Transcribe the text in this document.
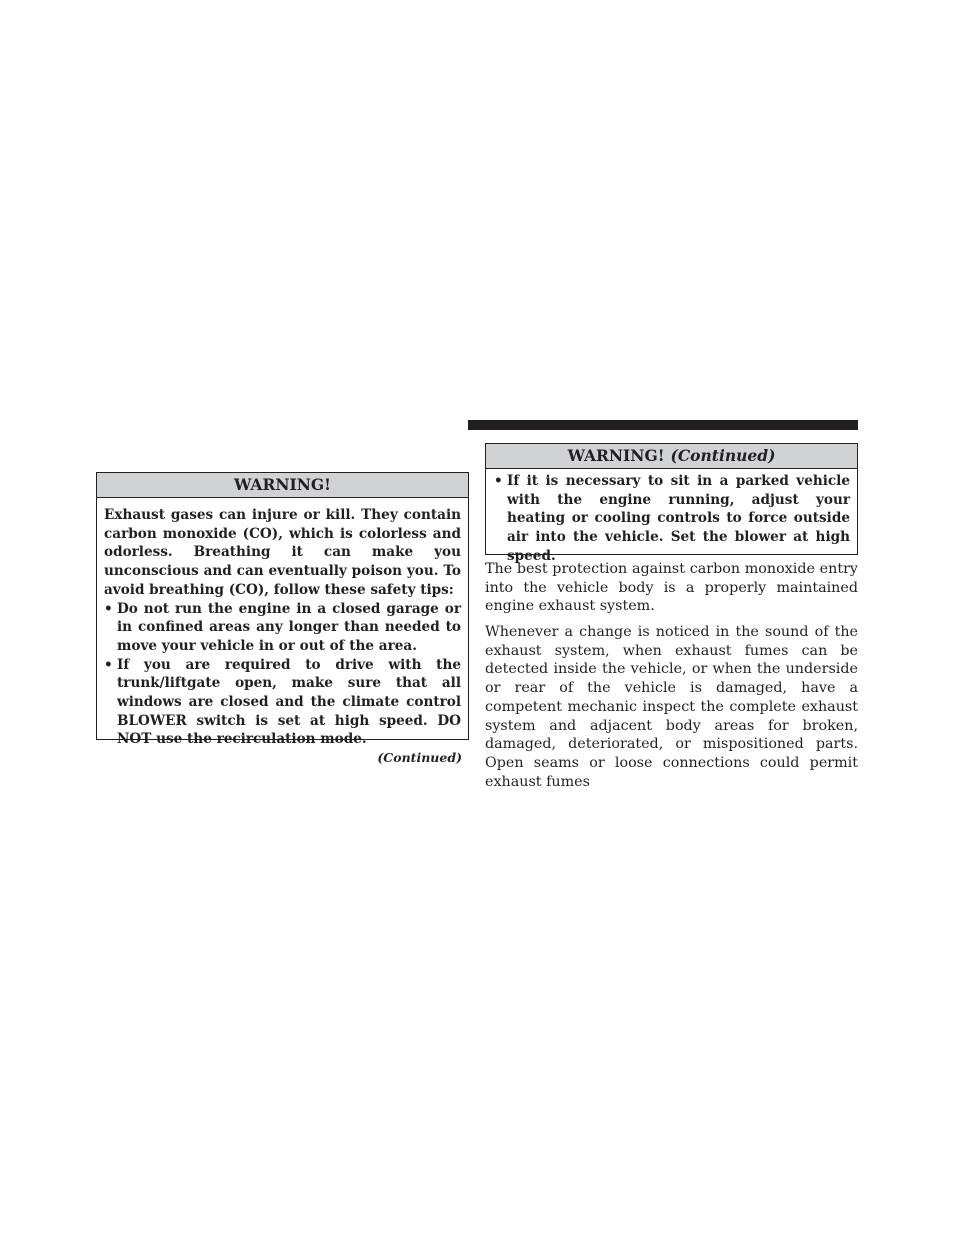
WARNING!

Exhaust gases can injure or kill. They contain carbon monoxide (CO), which is colorless and odorless. Breathing it can make you unconscious and can eventually poison you. To avoid breathing (CO), follow these safety tips:

• Do not run the engine in a closed garage or in confined areas any longer than needed to move your vehicle in or out of the area.
• If you are required to drive with the trunk/liftgate open, make sure that all windows are closed and the climate control BLOWER switch is set at high speed. DO NOT use the recirculation mode.
(Continued)
WARNING! (Continued)
• If it is necessary to sit in a parked vehicle with the engine running, adjust your heating or cooling controls to force outside air into the vehicle. Set the blower at high speed.

The best protection against carbon monoxide entry into the vehicle body is a properly maintained engine exhaust system.

Whenever a change is noticed in the sound of the exhaust system, when exhaust fumes can be detected inside the vehicle, or when the underside or rear of the vehicle is damaged, have a competent mechanic inspect the complete exhaust system and adjacent body areas for broken, damaged, deteriorated, or mispositioned parts. Open seams or loose connections could permit exhaust fumes
